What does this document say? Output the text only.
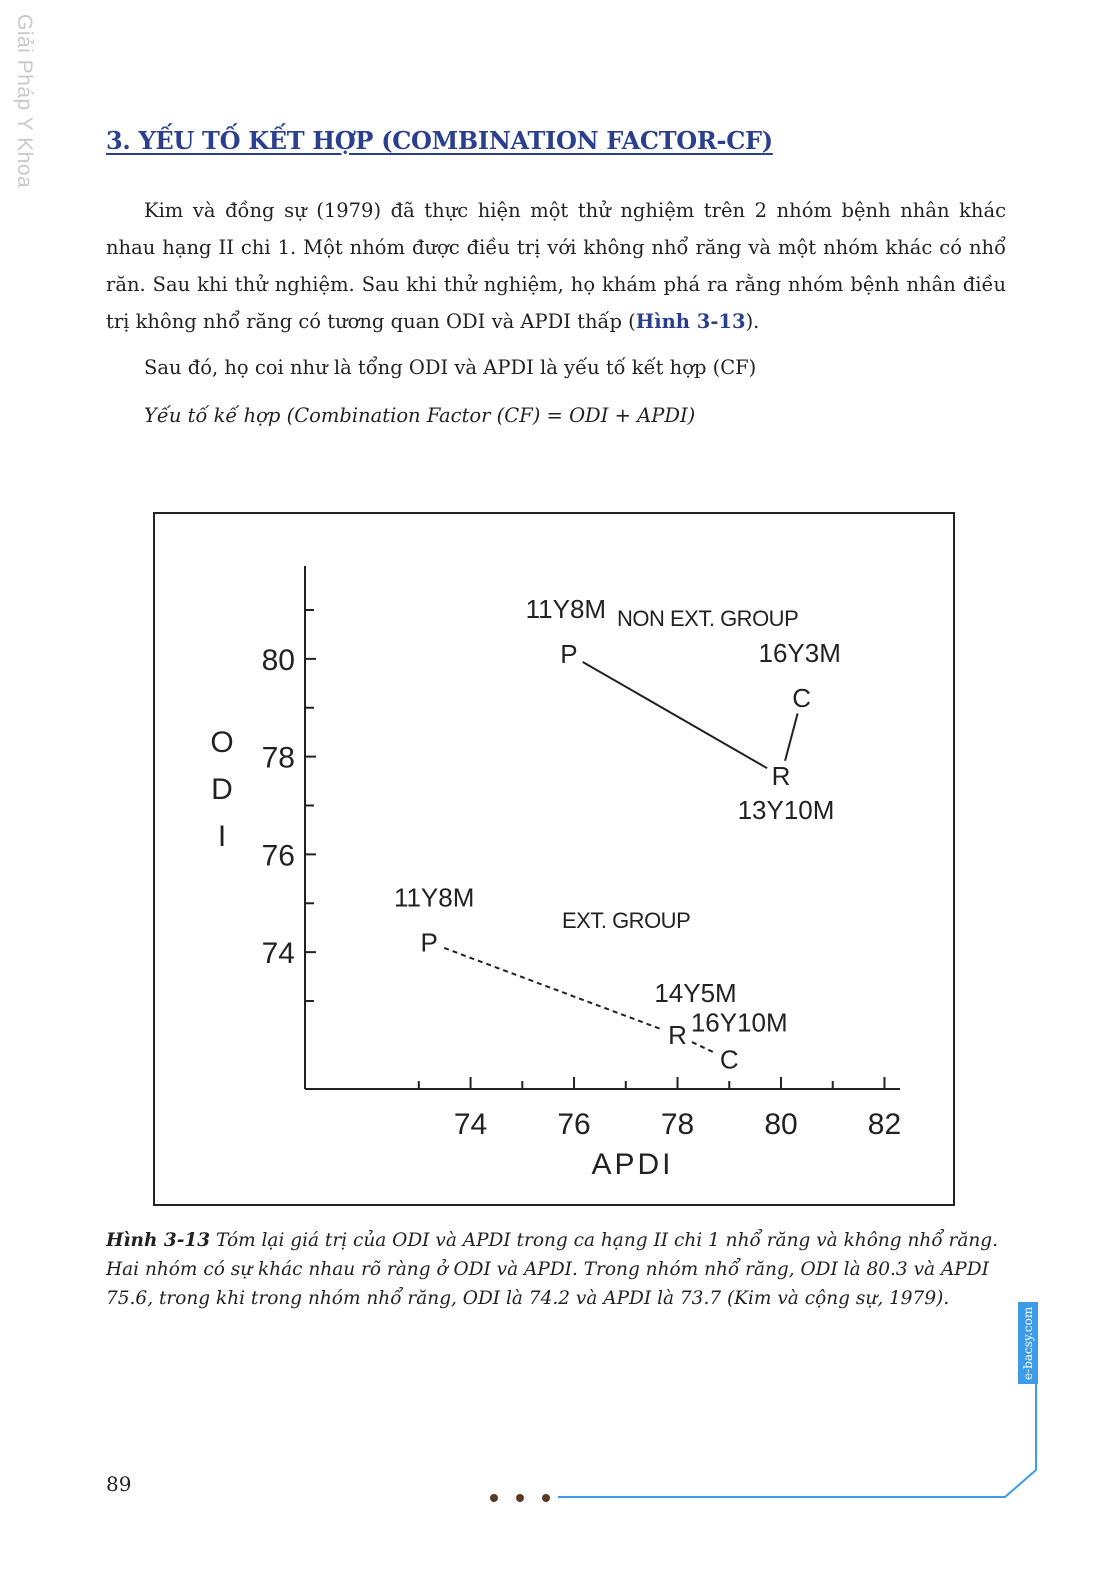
Giải Pháp Y Khoa	3. YẾU TỐ KẾT HỢP (COMBINATION FACTOR-CF)

Kim và đồng sự (1979) đã thực hiện một thử nghiệm trên 2 nhóm bệnh nhân khác nhau hạng II chi 1. Một nhóm được điều trị với không nhổ răng và một nhóm khác có nhổ răn. Sau khi thử nghiệm. Sau khi thử nghiệm, họ khám phá ra rằng nhóm bệnh nhân điều trị không nhổ răng có tương quan ODI và APDI thấp (Hình 3-13).

Sau đó, họ coi như là tổng ODI và APDI là yếu tố kết hợp (CF)

Yếu tố kế hợp (Combination Factor (CF) = ODI + APDI)

74
76
78
80
74 76 78 80 82
APDI
O
D
I
P
R
C
P
R
C
11Y8M
13Y10M
16Y3M
11Y8M
14Y5M
16Y10M
NON EXT. GROUP
EXT. GROUP

Hình 3-13 Tóm lại giá trị của ODI và APDI trong ca hạng II chi 1 nhổ răng và không nhổ răng. Hai nhóm có sự khác nhau rõ ràng ở ODI và APDI. Trong nhóm nhổ răng, ODI là 80.3 và APDI 75.6, trong khi trong nhóm nhổ răng, ODI là 74.2 và APDI là 73.7 (Kim và cộng sự, 1979).

89
e-bacsy.com
